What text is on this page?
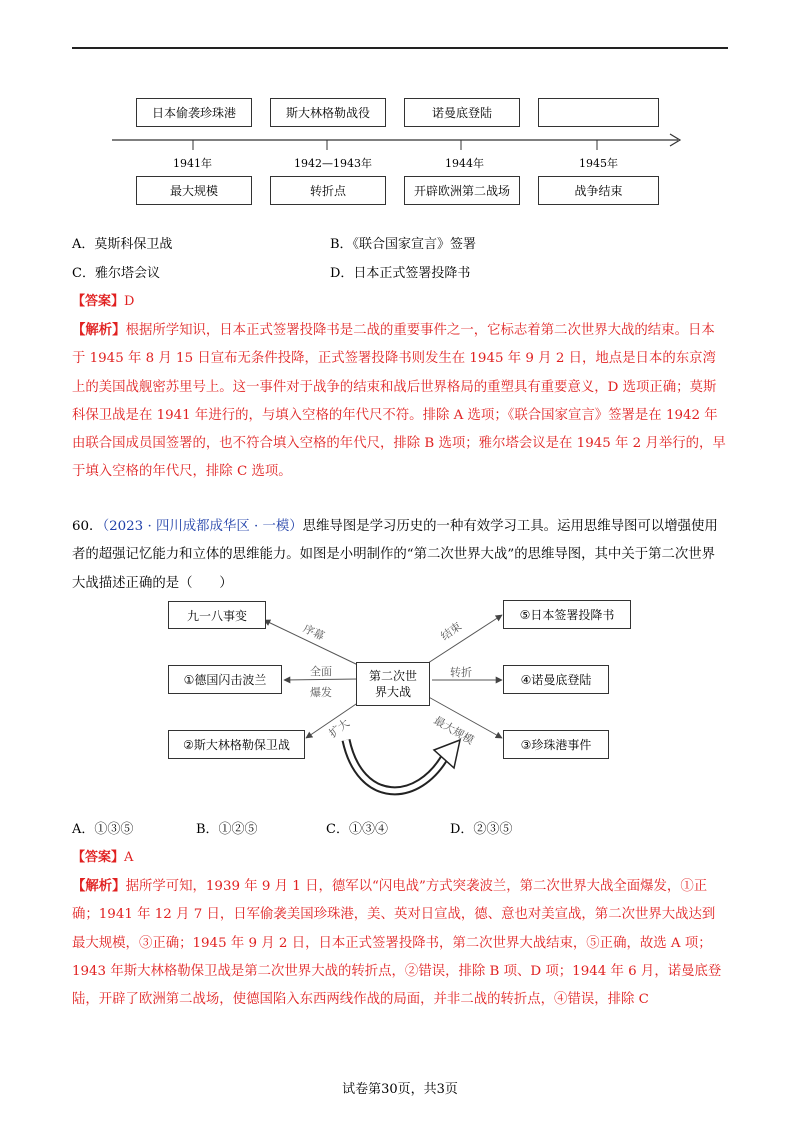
日本偷袭珍珠港	斯大林格勒战役	诺曼底登陆
1941年	1942—1943年	1944年	1945年
最大规模	转折点	开辟欧洲第二战场	战争结束
A．莫斯科保卫战	B．《联合国家宣言》签署
C．雅尔塔会议	D．日本正式签署投降书
【答案】D
【解析】根据所学知识，日本正式签署投降书是二战的重要事件之一，它标志着第二次世界大战的结束。日本于 1945 年 8 月 15 日宣布无条件投降，正式签署投降书则发生在 1945 年 9 月 2 日，地点是日本的东京湾上的美国战舰密苏里号上。这一事件对于战争的结束和战后世界格局的重塑具有重要意义，D 选项正确；莫斯科保卫战是在 1941 年进行的，与填入空格的年代尺不符。排除 A 选项；《联合国家宣言》签署是在 1942 年由联合国成员国签署的，也不符合填入空格的年代尺，排除 B 选项；雅尔塔会议是在 1945 年 2 月举行的，早于填入空格的年代尺，排除 C 选项。
60．（2023 · 四川成都成华区 · 一模）思维导图是学习历史的一种有效学习工具。运用思维导图可以增强使用者的超强记忆能力和立体的思维能力。如图是小明制作的“第二次世界大战”的思维导图，其中关于第二次世界大战描述正确的是（　　）
九一八事变
①德国闪击波兰
②斯大林格勒保卫战
第二次世
界大战
⑤日本签署投降书
④诺曼底登陆
③珍珠港事件
序幕
全面
爆发
扩大
结束
转折
最大规模
A．①③⑤	B．①②⑤	C．①③④	D．②③⑤
【答案】A
【解析】据所学可知，1939 年 9 月 1 日，德军以“闪电战”方式突袭波兰，第二次世界大战全面爆发，①正确；1941 年 12 月 7 日，日军偷袭美国珍珠港，美、英对日宣战，德、意也对美宣战，第二次世界大战达到最大规模，③正确；1945 年 9 月 2 日，日本正式签署投降书，第二次世界大战结束，⑤正确，故选 A 项；1943 年斯大林格勒保卫战是第二次世界大战的转折点，②错误，排除 B 项、D 项；1944 年 6 月，诺曼底登陆，开辟了欧洲第二战场，使德国陷入东西两线作战的局面，并非二战的转折点，④错误，排除 C
试卷第30页，共3页
